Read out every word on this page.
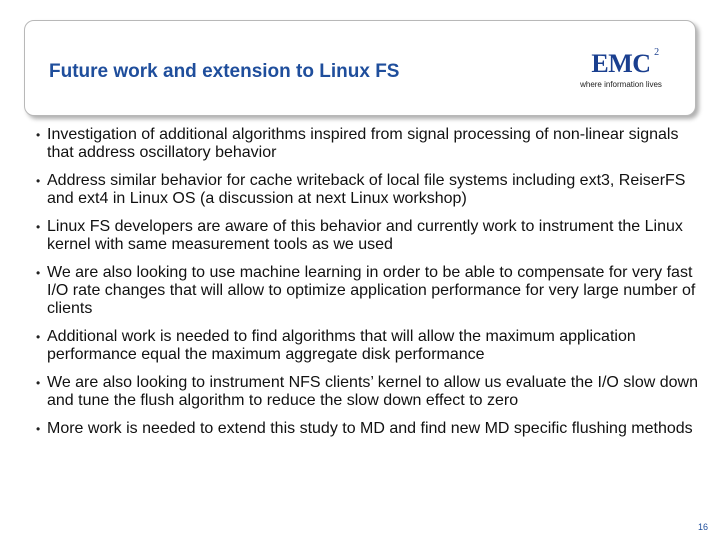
Future work and extension to Linux FS	EMC 2
where information lives
• Investigation of additional algorithms inspired from signal processing of non-linear signals that address oscillatory behavior
• Address similar behavior for cache writeback of local file systems including ext3, ReiserFS and ext4 in Linux OS (a discussion at next Linux workshop)
• Linux FS developers are aware of this behavior and currently work to instrument the Linux kernel with same measurement tools as we used
• We are also looking to use machine learning in order to be able to compensate for very fast I/O rate changes that will allow to optimize application performance for very large number of clients
• Additional work is needed to find algorithms that will allow the maximum application performance equal the maximum aggregate disk performance
• We are also looking to instrument NFS clients’ kernel to allow us evaluate the I/O slow down and tune the flush algorithm to reduce the slow down effect to zero
• More work is needed to extend this study to MD and find new MD specific flushing methods
16
